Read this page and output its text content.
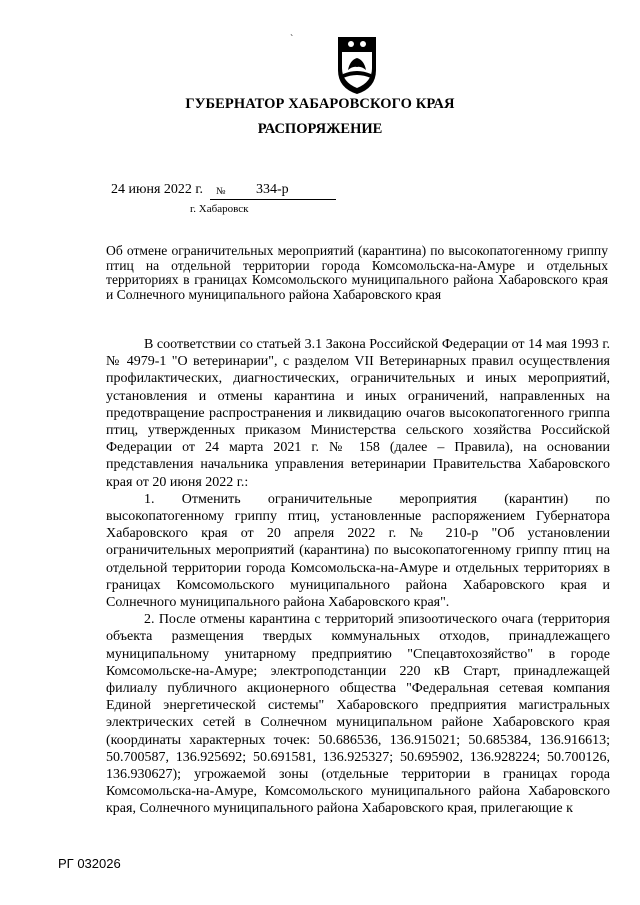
ˋ
ГУБЕРНАТОР ХАБАРОВСКОГО КРАЯ
РАСПОРЯЖЕНИЕ
24 июня 2022 г. № 334-р
г. Хабаровск
Об отмене ограничительных мероприятий (карантина) по высокопатогенному гриппу птиц на отдельной территории города Комсомольска-на-Амуре и отдельных территориях в границах Комсомольского муниципального района Хабаровского края и Солнечного муниципального района Хабаровского края

В соответствии со статьей 3.1 Закона Российской Федерации от 14 мая 1993 г. № 4979-1 "О ветеринарии", с разделом VII Ветеринарных правил осуществления профилактических, диагностических, ограничительных и иных мероприятий, установления и отмены карантина и иных ограничений, направленных на предотвращение распространения и ликвидацию очагов высокопатогенного гриппа птиц, утвержденных приказом Министерства сельского хозяйства Российской Федерации от 24 марта 2021 г. № 158 (далее – Правила), на основании представления начальника управления ветеринарии Правительства Хабаровского края от 20 июня 2022 г.:

1. Отменить ограничительные мероприятия (карантин) по высокопатогенному гриппу птиц, установленные распоряжением Губернатора Хабаровского края от 20 апреля 2022 г. № 210-р "Об установлении ограничительных мероприятий (карантина) по высокопатогенному гриппу птиц на отдельной территории города Комсомольска-на-Амуре и отдельных территориях в границах Комсомольского муниципального района Хабаровского края и Солнечного муниципального района Хабаровского края".

2. После отмены карантина с территорий эпизоотического очага (территория объекта размещения твердых коммунальных отходов, принадлежащего муниципальному унитарному предприятию "Спецавтохозяйство" в городе Комсомольске-на-Амуре; электроподстанции 220 кВ Старт, принадлежащей филиалу публичного акционерного общества "Федеральная сетевая компания Единой энергетической системы" Хабаровского предприятия магистральных электрических сетей в Солнечном муниципальном районе Хабаровского края (координаты характерных точек: 50.686536, 136.915021; 50.685384, 136.916613; 50.700587, 136.925692; 50.691581, 136.925327; 50.695902, 136.928224; 50.700126, 136.930627); угрожаемой зоны (отдельные территории в границах города Комсомольска-на-Амуре, Комсомольского муниципального района Хабаровского края, Солнечного муниципального района Хабаровского края, прилегающие к

РГ 032026
